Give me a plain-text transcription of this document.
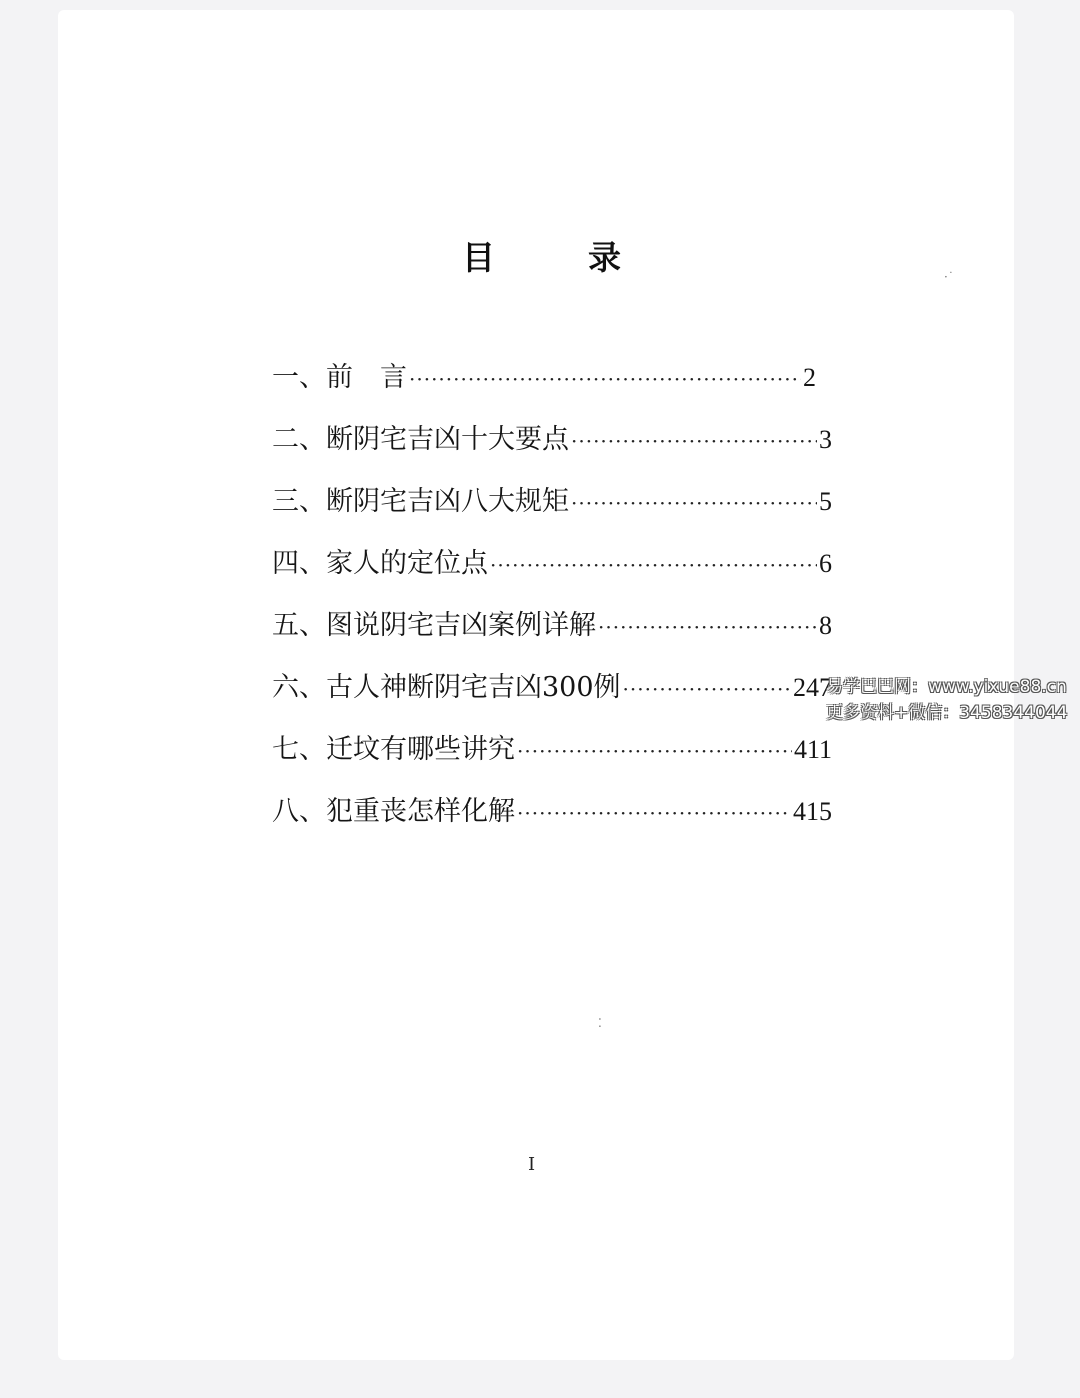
目	录
一、 前　言 ·····	2
二、 断阴宅吉凶十大要点 ·····	3
三、 断阴宅吉凶八大规矩 ·····	5
四、 家人的定位点 ·····	6
五、 图说阴宅吉凶案例详解 ·····	8
六、 古人神断阴宅吉凶300例 ·····	247
七、 迁坟有哪些讲究 ·····	411
八、 犯重丧怎样化解 ·····	415
易学巴巴网：www.yixue88.cn
更多资料+微信：3458344044
I
·˙
⁚
